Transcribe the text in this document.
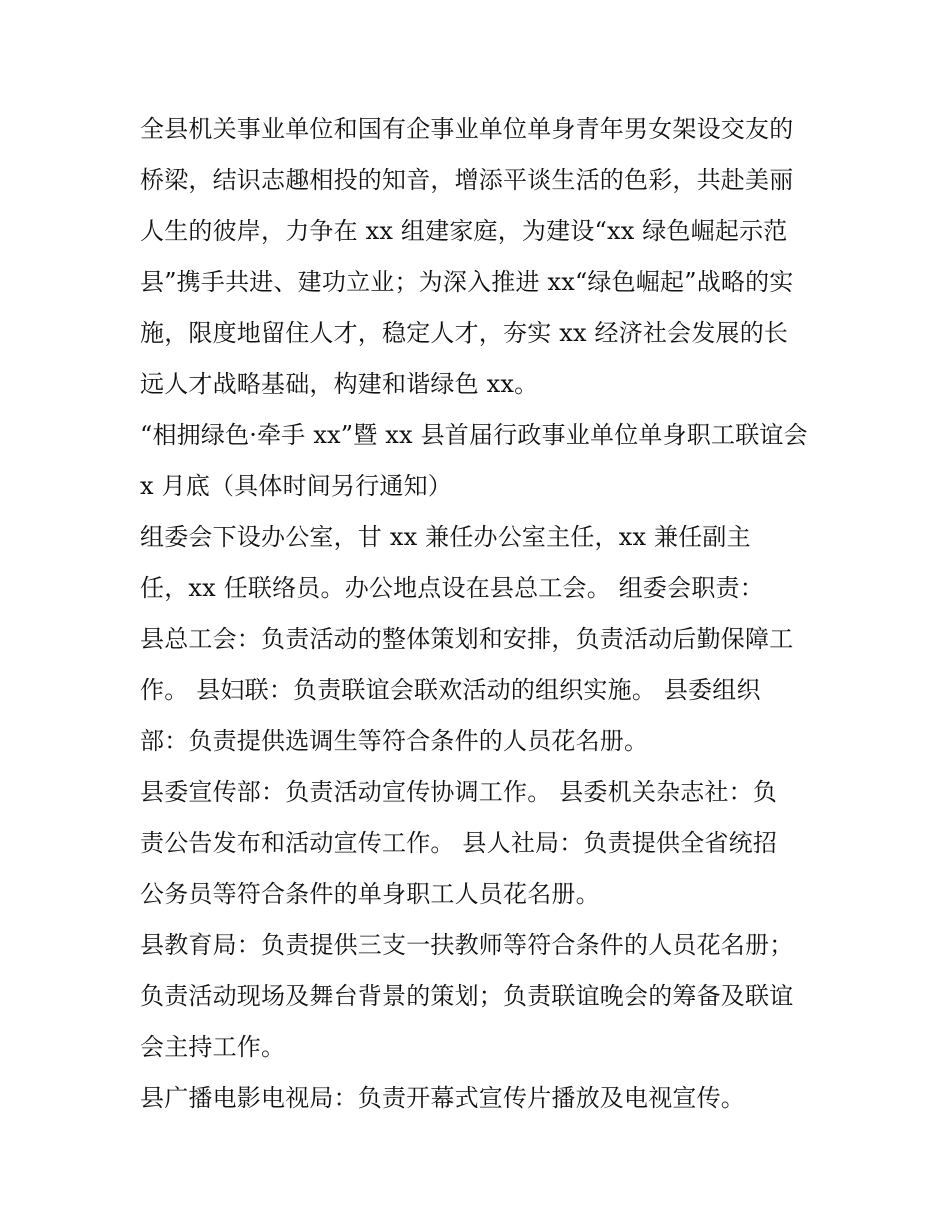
全县机关事业单位和国有企事业单位单身青年男女架设交友的
桥梁，结识志趣相投的知音，增添平谈生活的色彩，共赴美丽
人生的彼岸，力争在 xx 组建家庭，为建设“xx 绿色崛起示范
县”携手共进、建功立业；为深入推进 xx“绿色崛起”战略的实
施，限度地留住人才，稳定人才，夯实 xx 经济社会发展的长
远人才战略基础，构建和谐绿色 xx。
“相拥绿色·牵手 xx”暨 xx 县首届行政事业单位单身职工联谊会
x 月底（具体时间另行通知）
组委会下设办公室，甘 xx 兼任办公室主任，xx 兼任副主
任，xx 任联络员。办公地点设在县总工会。 组委会职责：
县总工会：负责活动的整体策划和安排，负责活动后勤保障工
作。 县妇联：负责联谊会联欢活动的组织实施。 县委组织
部：负责提供选调生等符合条件的人员花名册。
县委宣传部：负责活动宣传协调工作。 县委机关杂志社：负
责公告发布和活动宣传工作。 县人社局：负责提供全省统招
公务员等符合条件的单身职工人员花名册。
县教育局：负责提供三支一扶教师等符合条件的人员花名册；
负责活动现场及舞台背景的策划；负责联谊晚会的筹备及联谊
会主持工作。
县广播电影电视局：负责开幕式宣传片播放及电视宣传。
